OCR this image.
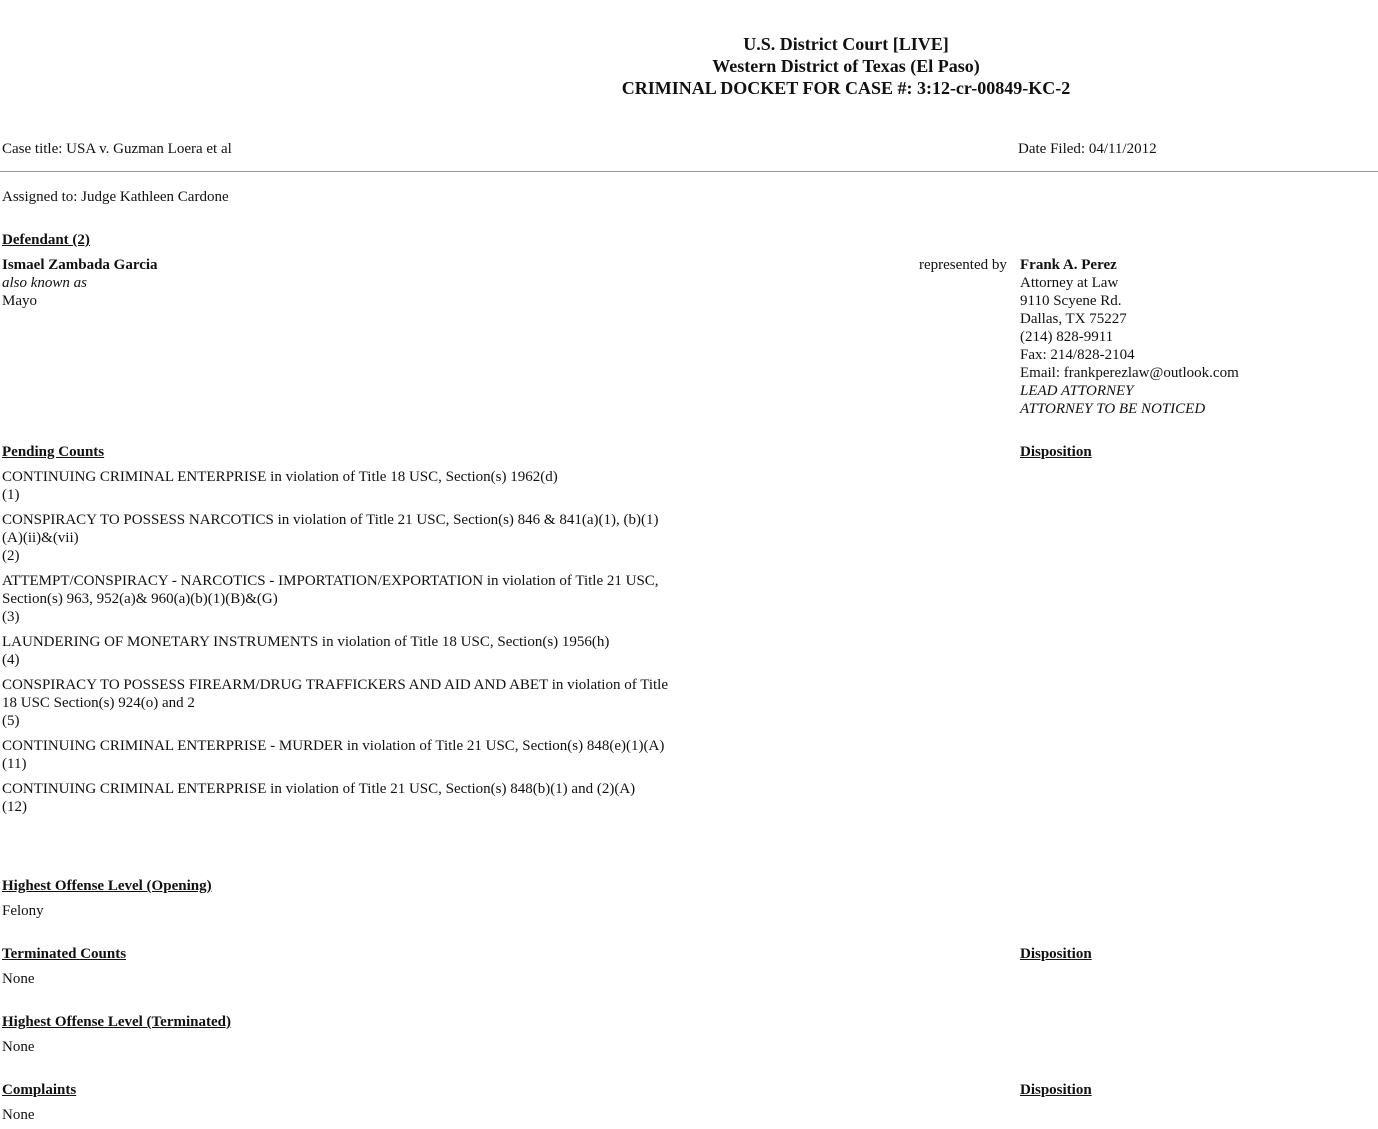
U.S. District Court [LIVE]
Western District of Texas (El Paso)
CRIMINAL DOCKET FOR CASE #: 3:12-cr-00849-KC-2
Case title: USA v. Guzman Loera et al	Date Filed: 04/11/2012
Assigned to: Judge Kathleen Cardone
Defendant (2)
Ismael Zambada Garcia
also known as
Mayo
represented by Frank A. Perez
Attorney at Law
9110 Scyene Rd.
Dallas, TX 75227
(214) 828-9911
Fax: 214/828-2104
Email: frankperezlaw@outlook.com
LEAD ATTORNEY
ATTORNEY TO BE NOTICED
Pending Counts	Disposition
CONTINUING CRIMINAL ENTERPRISE in violation of Title 18 USC, Section(s) 1962(d)
(1)
CONSPIRACY TO POSSESS NARCOTICS in violation of Title 21 USC, Section(s) 846 & 841(a)(1), (b)(1)(A)(ii)&(vii)
(2)
ATTEMPT/CONSPIRACY - NARCOTICS - IMPORTATION/EXPORTATION in violation of Title 21 USC, Section(s) 963, 952(a)& 960(a)(b)(1)(B)&(G)
(3)
LAUNDERING OF MONETARY INSTRUMENTS in violation of Title 18 USC, Section(s) 1956(h)
(4)
CONSPIRACY TO POSSESS FIREARM/DRUG TRAFFICKERS AND AID AND ABET in violation of Title 18 USC Section(s) 924(o) and 2
(5)
CONTINUING CRIMINAL ENTERPRISE - MURDER in violation of Title 21 USC, Section(s) 848(e)(1)(A)
(11)
CONTINUING CRIMINAL ENTERPRISE in violation of Title 21 USC, Section(s) 848(b)(1) and (2)(A)
(12)
Highest Offense Level (Opening)
Felony
Terminated Counts	Disposition
None
Highest Offense Level (Terminated)
None
Complaints	Disposition
None
